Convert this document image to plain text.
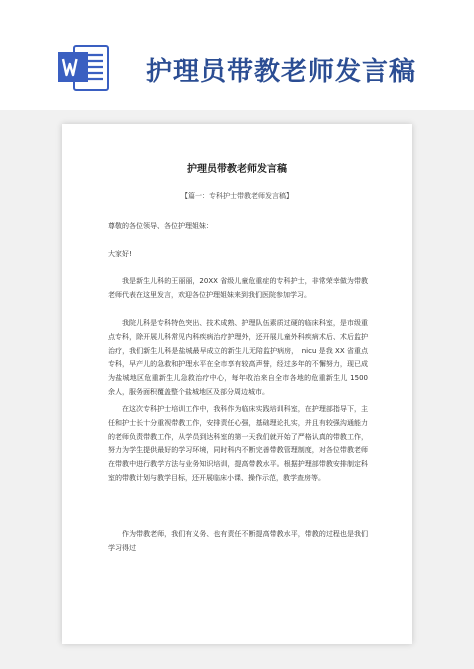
护理员带教老师发言稿
护理员带教老师发言稿
【篇一：专科护士带教老师发言稿】
尊敬的各位领导、各位护理姐妹：
大家好!
我是新生儿科的王丽丽，20XX 省级儿童危重症的专科护士，非常荣幸做为带教老师代表在这里发言，欢迎各位护理姐妹来到我们医院参加学习。
我院儿科是专科特色突出、技术成熟、护理队伍素质过硬的临床科室，是市级重点专科，除开展儿科常见内科疾病治疗护理外，还开展儿童外科疾病术后、术后监护治疗，我们新生儿科是盐城最早成立的新生儿无陪监护病房，　nicu 是我 XX 省重点专科，早产儿的急救和护理水平在全市享有较高声誉，经过多年的不懈努力，现已成为盐城地区危重新生儿急救治疗中心，每年收治来自全市各地的危重新生儿 1500 余人，服务面积覆盖整个盐城地区及部分周边城市。
在这次专科护士培训工作中，我科作为临床实践培训科室，在护理部指导下，主任和护士长十分重视带教工作，安排责任心强，基础理论扎实，并且有较强沟通能力的老师负责带教工作，从学员到达科室的第一天我们就开始了严格认真的带教工作，努力为学生提供最好的学习环境，同时科内不断完善带教管理制度，对各位带教老师在带教中进行教学方法与业务知识培训，提高带教水平。根据护理部带教安排制定科室的带教计划与教学目标，还开展临床小课、操作示范，教学查房等。
作为带教老师，我们有义务、也有责任不断提高带教水平，带教的过程也是我们学习得过
